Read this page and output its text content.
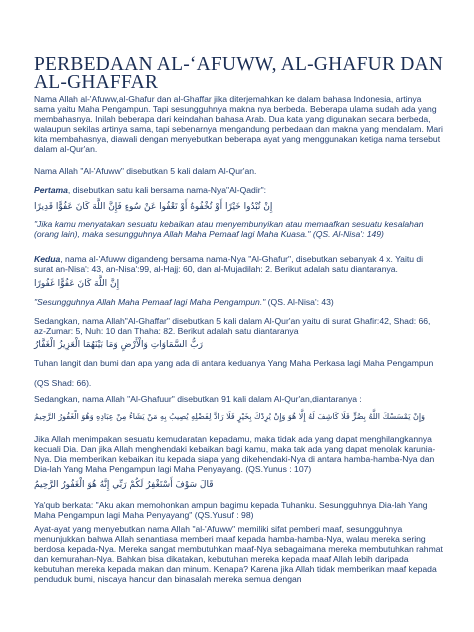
PERBEDAAN AL-‘AFUWW, AL-GHAFUR DAN AL-GHAFFAR
Nama Allah al-'Afuww,al-Ghafur dan al-Ghaffar jika diterjemahkan ke dalam bahasa Indonesia, artinya sama yaitu Maha Pengampun. Tapi sesungguhnya makna nya berbeda. Beberapa ulama sudah ada yang membahasnya. Inilah beberapa dari keindahan bahasa Arab. Dua kata yang digunakan secara berbeda, walaupun sekilas artinya sama, tapi sebenarnya mengandung perbedaan dan makna yang mendalam. Mari kita membahasnya, diawali dengan menyebutkan beberapa ayat yang menggunakan ketiga nama tersebut dalam al-Qur'an.
Nama Allah "Al-'Afuww" disebutkan 5 kali dalam Al-Qur'an.
Pertama, disebutkan satu kali bersama nama-Nya"Al-Qadir":
إِنْ تُبْدُوا خَيْرًا أَوْ تُخْفُوهُ أَوْ تَعْفُوا عَنْ سُوءٍ فَإِنَّ اللَّهَ كَانَ عَفُوًّا قَدِيرًا
"Jika kamu menyatakan sesuatu kebaikan atau menyembunyikan atau memaafkan sesuatu kesalahan (orang lain), maka sesungguhnya Allah Maha Pemaaf lagi Maha Kuasa." (QS. Al-Nisa': 149)
Kedua, nama al-'Afuww digandeng bersama nama-Nya "Al-Ghafur", disebutkan sebanyak 4 x. Yaitu di surat an-Nisa': 43, an-Nisa':99, al-Hajj: 60, dan al-Mujadilah: 2. Berikut adalah satu diantaranya.
إِنَّ اللَّهَ كَانَ عَفُوًّا غَفُورًا
"Sesungguhnya Allah Maha Pemaaf lagi Maha Pengampun." (QS. Al-Nisa': 43)
Sedangkan, nama Allah"Al-Ghaffar" disebutkan 5 kali dalam Al-Qur'an yaitu di surat Ghafir:42, Shad: 66, az-Zumar: 5, Nuh: 10 dan Thaha: 82. Berikut adalah satu diantaranya
رَبُّ السَّمَاوَاتِ وَالْأَرْضِ وَمَا بَيْنَهُمَا الْعَزِيزُ الْغَفَّارُ
Tuhan langit dan bumi dan apa yang ada di antara keduanya Yang Maha Perkasa lagi Maha Pengampun
(QS Shad: 66).
Sedangkan, nama Allah "Al-Ghafuur" disebutkan 91 kali dalam Al-Qur'an,diantaranya :
وَإِنْ يَمْسَسْكَ اللَّهُ بِضُرٍّ فَلَا كَاشِفَ لَهُ إِلَّا هُوَ وَإِنْ يُرِدْكَ بِخَيْرٍ فَلَا رَادَّ لِفَضْلِهِ يُصِيبُ بِهِ مَنْ يَشَاءُ مِنْ عِبَادِهِ وَهُوَ الْغَفُورُ الرَّحِيمُ
Jika Allah menimpakan sesuatu kemudaratan kepadamu, maka tidak ada yang dapat menghilangkannya kecuali Dia. Dan jika Allah menghendaki kebaikan bagi kamu, maka tak ada yang dapat menolak karunia-Nya. Dia memberikan kebaikan itu kepada siapa yang dikehendaki-Nya di antara hamba-hamba-Nya dan Dia-lah Yang Maha Pengampun lagi Maha Penyayang. (QS.Yunus : 107)
قَالَ سَوْفَ أَسْتَغْفِرُ لَكُمْ رَبِّي إِنَّهُ هُوَ الْغَفُورُ الرَّحِيمُ
Ya'qub berkata: "Aku akan memohonkan ampun bagimu kepada Tuhanku. Sesungguhnya Dia-lah Yang Maha Pengampun lagi Maha Penyayang" (QS.Yusuf : 98)
Ayat-ayat yang menyebutkan nama Allah "al-'Afuww" memiliki sifat pemberi maaf, sesungguhnya menunjukkan bahwa Allah senantiasa memberi maaf kepada hamba-hamba-Nya, walau mereka sering berdosa kepada-Nya. Mereka sangat membutuhkan maaf-Nya sebagaimana mereka membutuhkan rahmat dan kemurahan-Nya. Bahkan bisa dikatakan, kebutuhan mereka kepada maaf Allah lebih daripada kebutuhan mereka kepada makan dan minum. Kenapa? Karena jika Allah tidak memberikan maaf kepada penduduk bumi, niscaya hancur dan binasalah mereka semua dengan
